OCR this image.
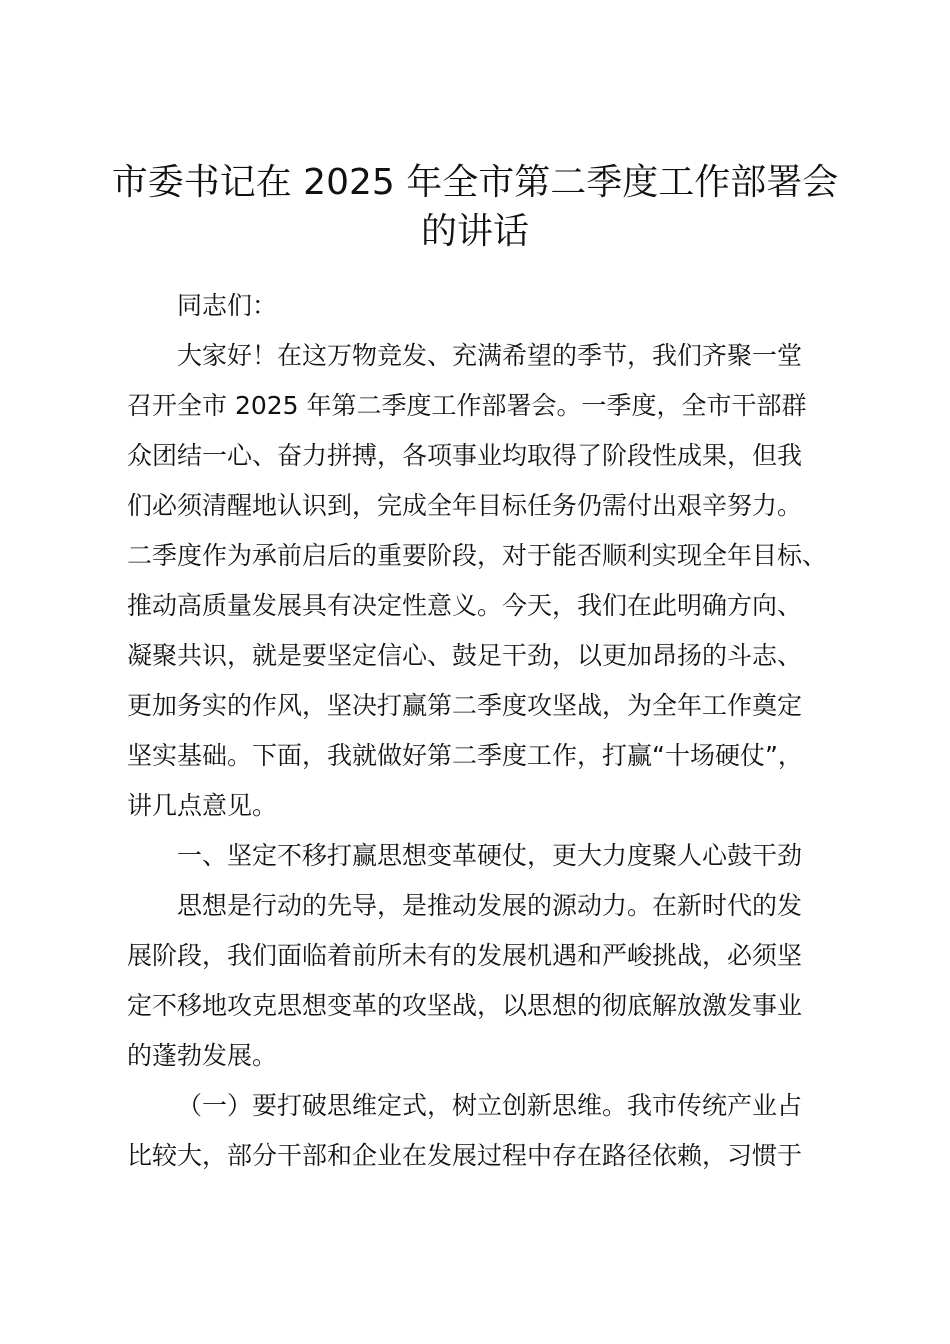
市委书记在 2025 年全市第二季度工作部署会
的讲话

同志们：

大家好！在这万物竞发、充满希望的季节，我们齐聚一堂

召开全市 2025 年第二季度工作部署会。一季度，全市干部群

众团结一心、奋力拼搏，各项事业均取得了阶段性成果，但我

们必须清醒地认识到，完成全年目标任务仍需付出艰辛努力。

二季度作为承前启后的重要阶段，对于能否顺利实现全年目标、

推动高质量发展具有决定性意义。今天，我们在此明确方向、

凝聚共识，就是要坚定信心、鼓足干劲，以更加昂扬的斗志、

更加务实的作风，坚决打赢第二季度攻坚战，为全年工作奠定

坚实基础。下面，我就做好第二季度工作，打赢“十场硬仗”，

讲几点意见。

一、坚定不移打赢思想变革硬仗，更大力度聚人心鼓干劲

思想是行动的先导，是推动发展的源动力。在新时代的发

展阶段，我们面临着前所未有的发展机遇和严峻挑战，必须坚

定不移地攻克思想变革的攻坚战，以思想的彻底解放激发事业

的蓬勃发展。

（一）要打破思维定式，树立创新思维。我市传统产业占

比较大，部分干部和企业在发展过程中存在路径依赖，习惯于
